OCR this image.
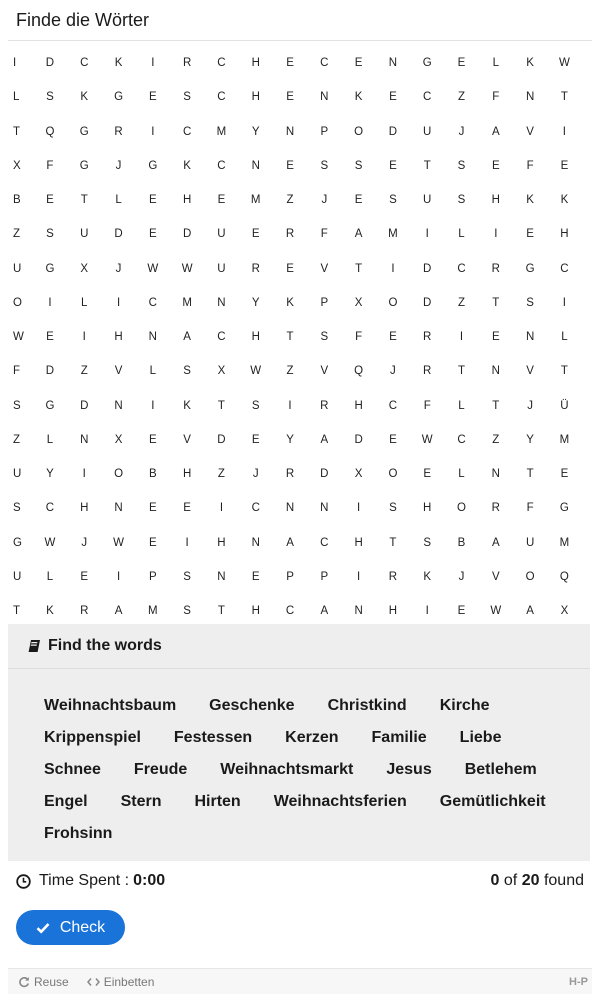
Finde die Wörter
I	D	C	K	I	R	C	H	E	C	E	N	G	E	L	K	W
L	S	K	G	E	S	C	H	E	N	K	E	C	Z	F	N	T
T	Q	G	R	I	C	M	Y	N	P	O	D	U	J	A	V	I
X	F	G	J	G	K	C	N	E	S	S	E	T	S	E	F	E
B	E	T	L	E	H	E	M	Z	J	E	S	U	S	H	K	K
Z	S	U	D	E	D	U	E	R	F	A	M	I	L	I	E	H
U	G	X	J	W	W	U	R	E	V	T	I	D	C	R	G	C
O	I	L	I	C	M	N	Y	K	P	X	O	D	Z	T	S	I
W	E	I	H	N	A	C	H	T	S	F	E	R	I	E	N	L
F	D	Z	V	L	S	X	W	Z	V	Q	J	R	T	N	V	T
S	G	D	N	I	K	T	S	I	R	H	C	F	L	T	J	Ü
Z	L	N	X	E	V	D	E	Y	A	D	E	W	C	Z	Y	M
U	Y	I	O	B	H	Z	J	R	D	X	O	E	L	N	T	E
S	C	H	N	E	E	I	C	N	N	I	S	H	O	R	F	G
G	W	J	W	E	I	H	N	A	C	H	T	S	B	A	U	M
U	L	E	I	P	S	N	E	P	P	I	R	K	J	V	O	Q
T	K	R	A	M	S	T	H	C	A	N	H	I	E	W	A	X
Find the words
Weihnachtsbaum Geschenke Christkind Kirche
Krippenspiel Festessen Kerzen Familie Liebe
Schnee Freude Weihnachtsmarkt Jesus Betlehem
Engel Stern Hirten Weihnachtsferien Gemütlichkeit
Frohsinn
Time Spent : 0:00	0 of 20 found
Check
Reuse	Einbetten	H-P
